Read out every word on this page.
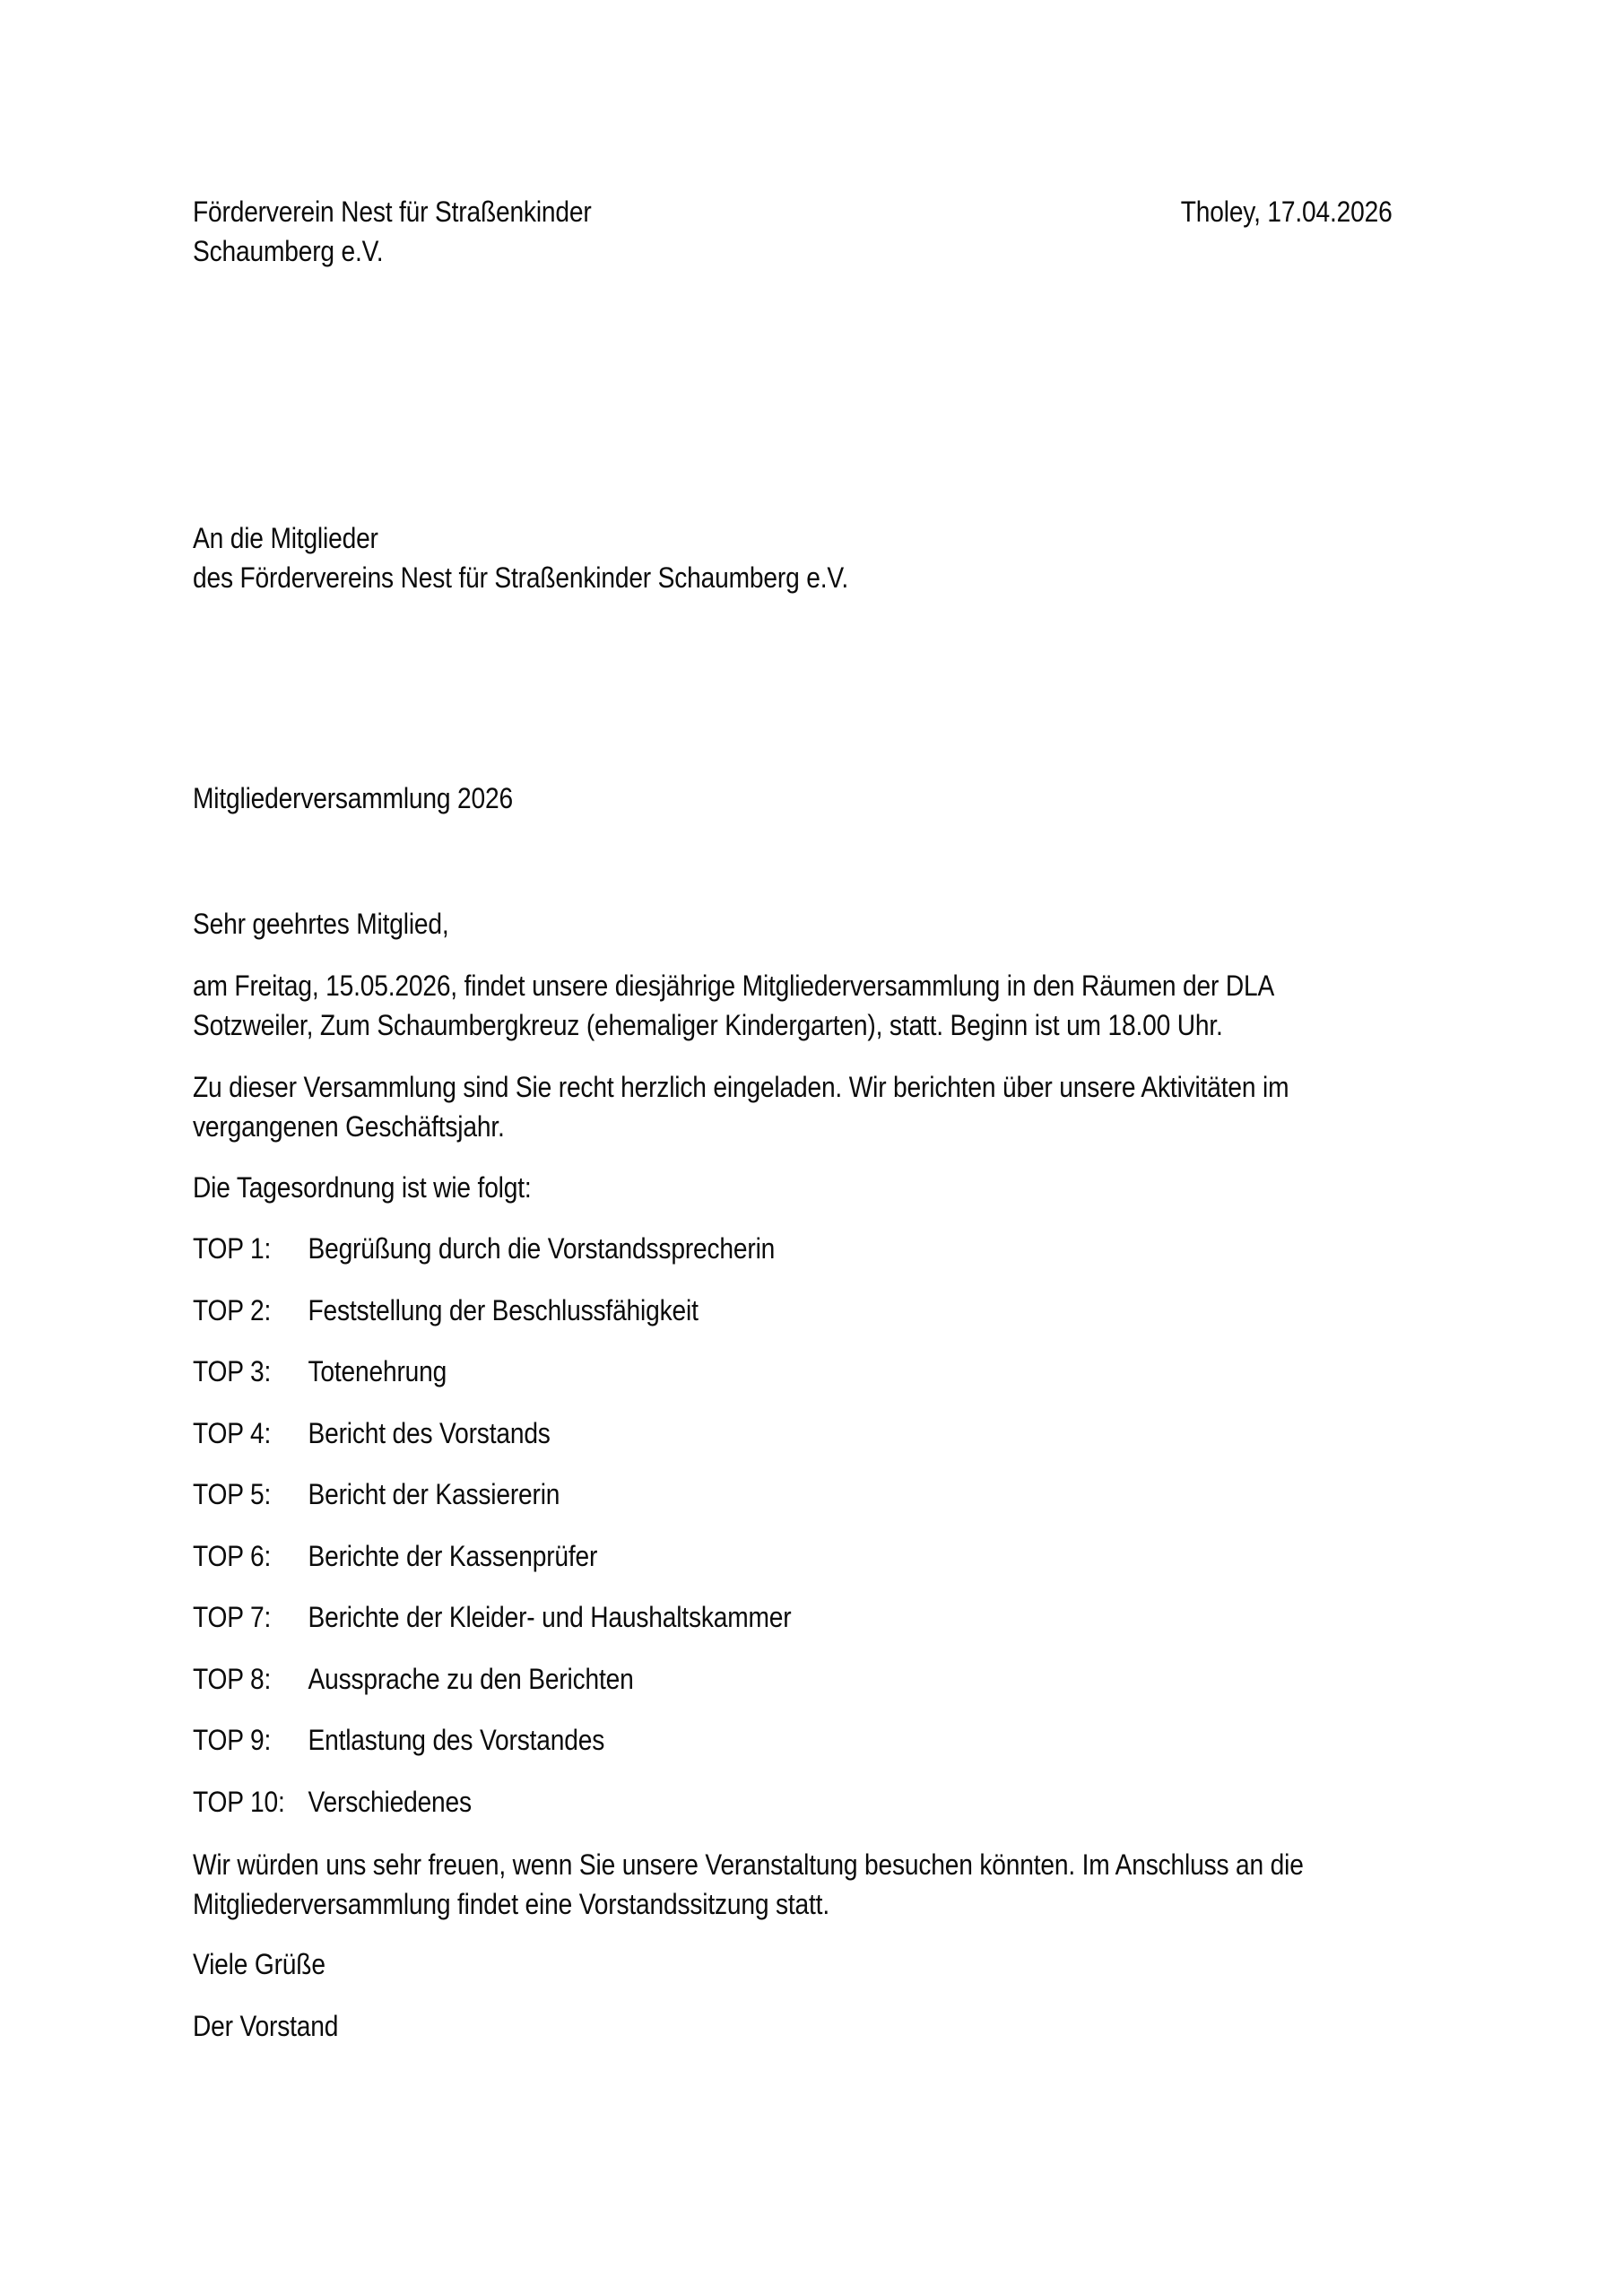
Förderverein Nest für Straßenkinder
Schaumberg e.V.
Tholey, 17.04.2026
An die Mitglieder
des Fördervereins Nest für Straßenkinder Schaumberg e.V.
Mitgliederversammlung 2026
Sehr geehrtes Mitglied,
am Freitag, 15.05.2026, findet unsere diesjährige Mitgliederversammlung in den Räumen der DLA
Sotzweiler, Zum Schaumbergkreuz (ehemaliger Kindergarten), statt. Beginn ist um 18.00 Uhr.
Zu dieser Versammlung sind Sie recht herzlich eingeladen. Wir berichten über unsere Aktivitäten im
vergangenen Geschäftsjahr.
Die Tagesordnung ist wie folgt:
TOP 1:	Begrüßung durch die Vorstandssprecherin
TOP 2:	Feststellung der Beschlussfähigkeit
TOP 3:	Totenehrung
TOP 4:	Bericht des Vorstands
TOP 5:	Bericht der Kassiererin
TOP 6:	Berichte der Kassenprüfer
TOP 7:	Berichte der Kleider- und Haushaltskammer
TOP 8:	Aussprache zu den Berichten
TOP 9:	Entlastung des Vorstandes
TOP 10: Verschiedenes
Wir würden uns sehr freuen, wenn Sie unsere Veranstaltung besuchen könnten. Im Anschluss an die
Mitgliederversammlung findet eine Vorstandssitzung statt.
Viele Grüße
Der Vorstand
